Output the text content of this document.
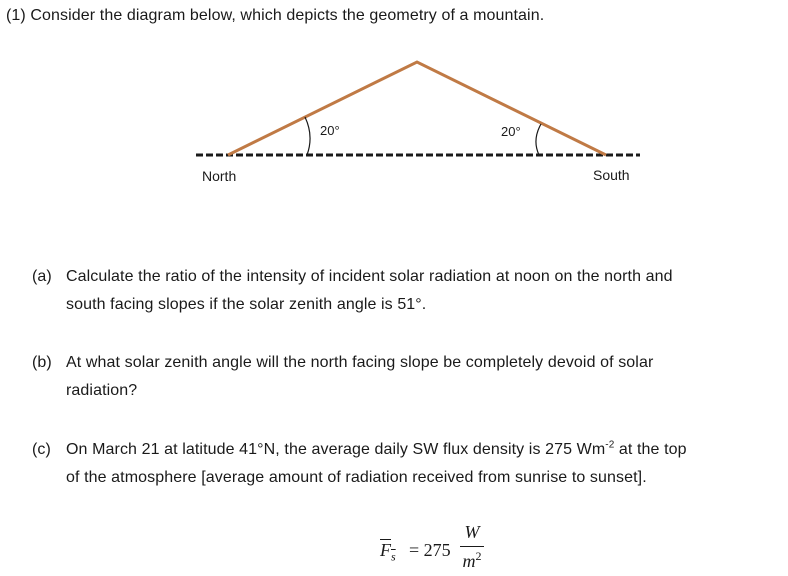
(1) Consider the diagram below, which depicts the geometry of a mountain.
20°	20°
North	South
(a) Calculate the ratio of the intensity of incident solar radiation at noon on the north and
south facing slopes if the solar zenith angle is 51°.
(b) At what solar zenith angle will the north facing slope be completely devoid of solar
radiation?
(c) On March 21 at latitude 41°N, the average daily SW flux density is 275 $Wm^{-2}$ at the top
of the atmosphere [average amount of radiation received from sunrise to sunset].
$F_s = 275$
W
$m^2$
